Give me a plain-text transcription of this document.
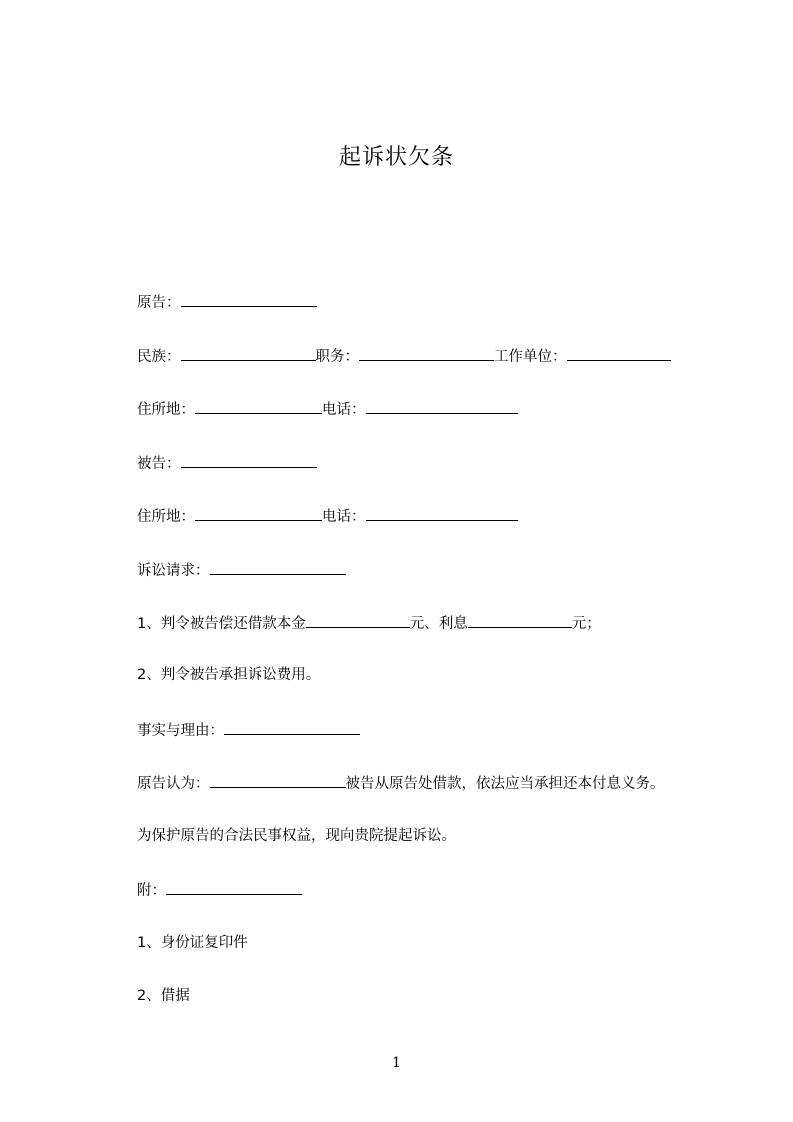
起诉状欠条
原告：
民族：	职务：	工作单位：
住所地：	电话：
被告：
住所地：	电话：
诉讼请求：
1、判令被告偿还借款本金	元、利息	元；
2、判令被告承担诉讼费用。
事实与理由：
原告认为：	被告从原告处借款，依法应当承担还本付息义务。
为保护原告的合法民事权益，现向贵院提起诉讼。
附：
1、身份证复印件
2、借据
1
